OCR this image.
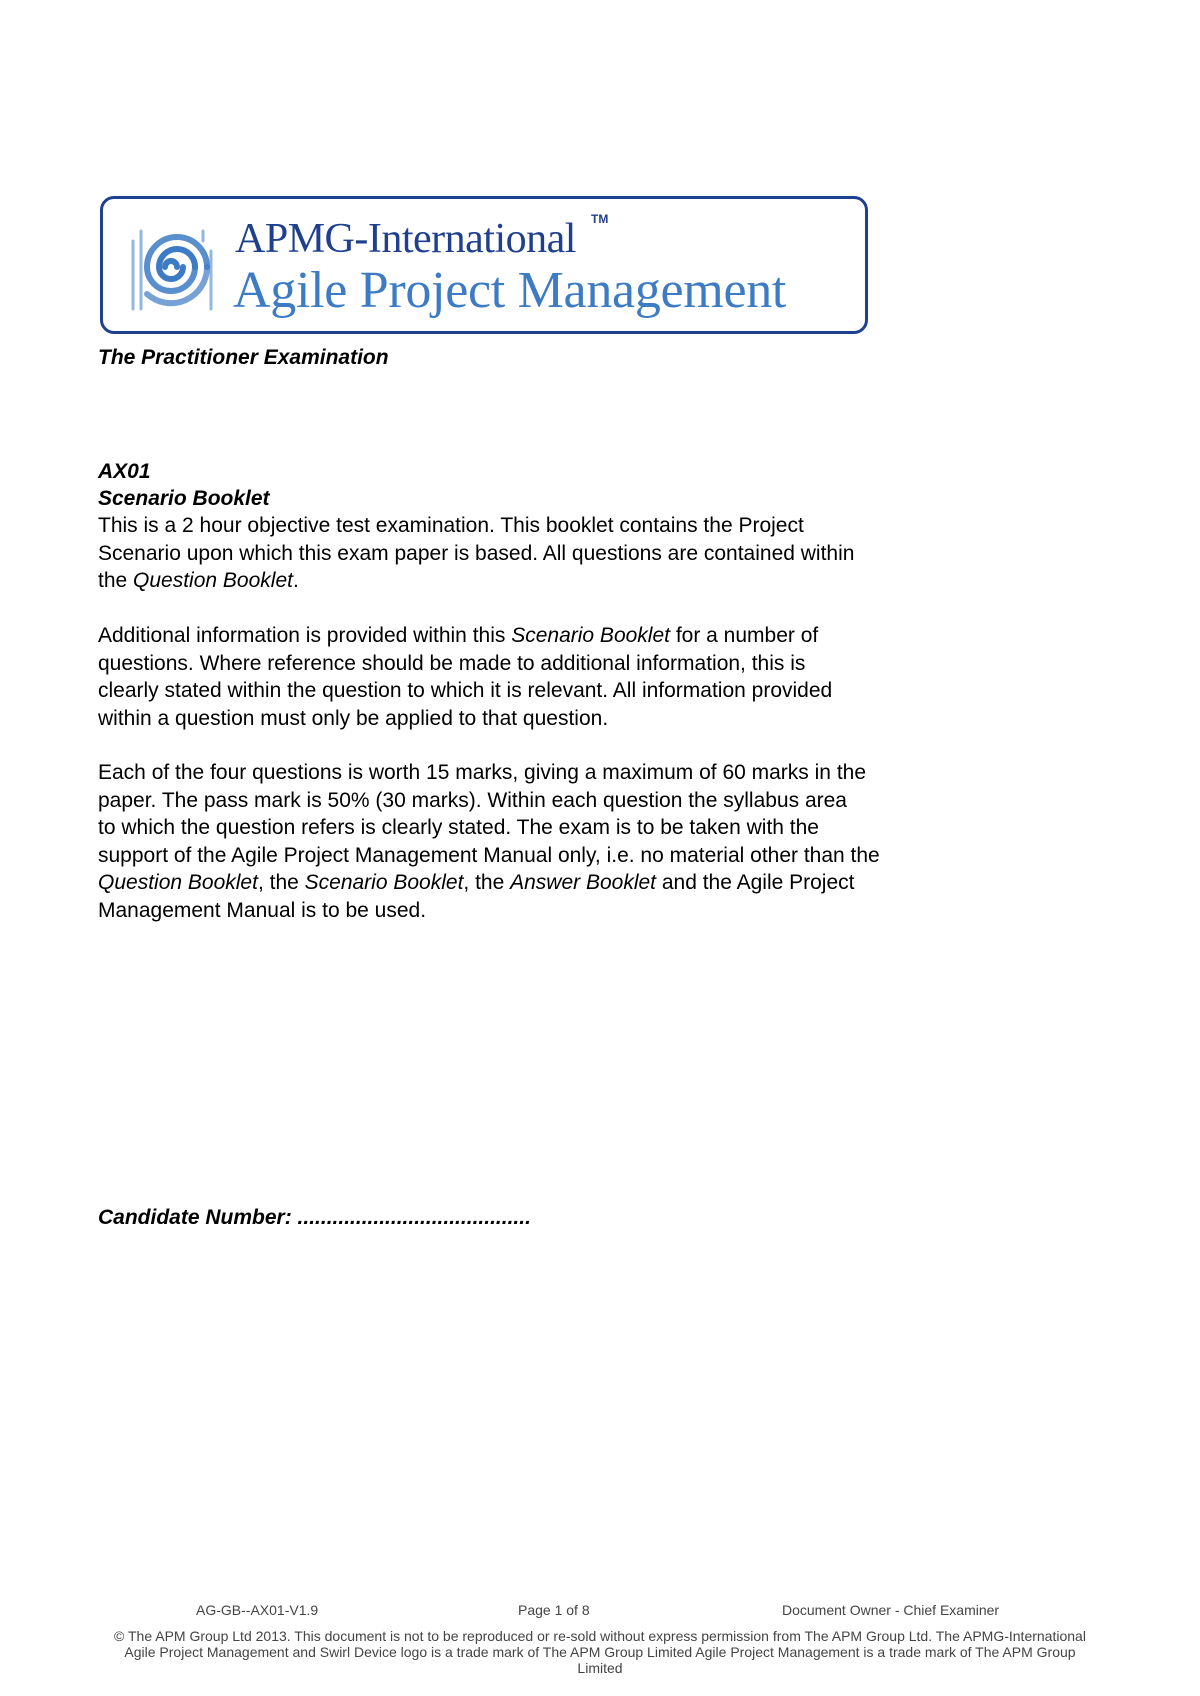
APMG-International TM
Agile Project Management
The Practitioner Examination
AX01
Scenario Booklet
This is a 2 hour objective test examination. This booklet contains the Project
Scenario upon which this exam paper is based. All questions are contained within
the Question Booklet.
Additional information is provided within this Scenario Booklet for a number of
questions. Where reference should be made to additional information, this is
clearly stated within the question to which it is relevant. All information provided
within a question must only be applied to that question.
Each of the four questions is worth 15 marks, giving a maximum of 60 marks in the
paper. The pass mark is 50% (30 marks). Within each question the syllabus area
to which the question refers is clearly stated. The exam is to be taken with the
support of the Agile Project Management Manual only, i.e. no material other than the
Question Booklet, the Scenario Booklet, the Answer Booklet and the Agile Project
Management Manual is to be used.
Candidate Number: ........................................
AG-GB--AX01-V1.9	Page 1 of 8	Document Owner - Chief Examiner
© The APM Group Ltd 2013. This document is not to be reproduced or re-sold without express permission from The APM Group Ltd. The APMG-International
Agile Project Management and Swirl Device logo is a trade mark of The APM Group Limited Agile Project Management is a trade mark of The APM Group
Limited
